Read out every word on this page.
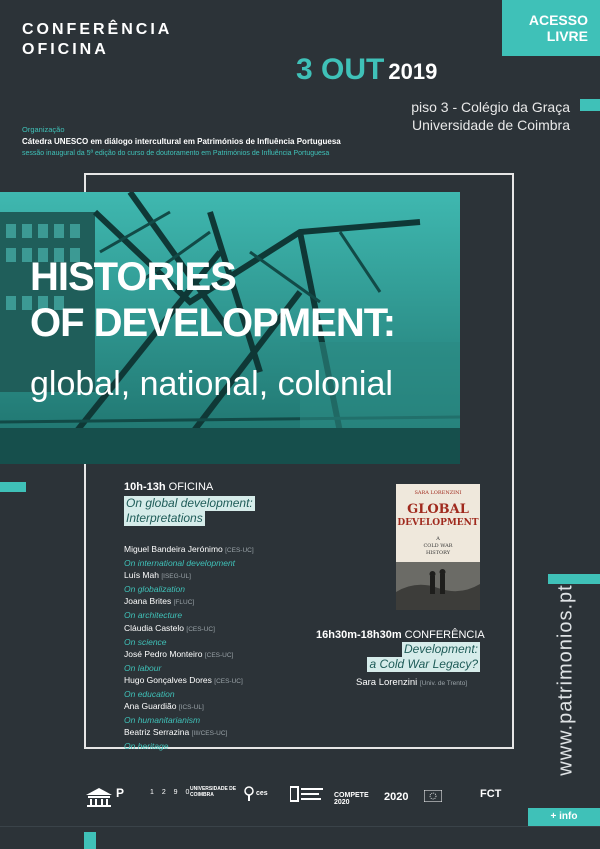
CONFERÊNCIA
OFICINA
ACESSO
LIVRE
3 OUT 2019
piso 3 - Colégio da Graça
Universidade de Coimbra
Organização
Cátedra UNESCO em diálogo intercultural em Patrimónios de Influência Portuguesa
sessão inaugural da 5ª edição do curso de doutoramento em Patrimónios de Influência Portuguesa
HISTORIES
OF DEVELOPMENT:
global, national, colonial
10h-13h OFICINA
On global development:
Interpretations
Miguel Bandeira Jerónimo [CES-UC]
On international development
Luís Mah [ISEG-UL]
On globalization
Joana Brites [FLUC]
On architecture
Cláudia Castelo [CES-UC]
On science
José Pedro Monteiro [CES-UC]
On labour
Hugo Gonçalves Dores [CES-UC]
On education
Ana Guardião [ICS-UL]
On humanitarianism
Beatriz Serrazina [III/CES-UC]
On heritage
SARA LORENZINI
GLOBAL
DEVELOPMENT
A
COLD WAR
HISTORY
16h30m-18h30m CONFERÊNCIA
Development:
a Cold War Legacy?
Sara Lorenzini [Univ. de Trento]	www.patrimonios.pt
P	1 2 9 0
UNIVERSIDADE DE COIMBRA	ces	COMPETE 2020	2020	FCT
+ info
